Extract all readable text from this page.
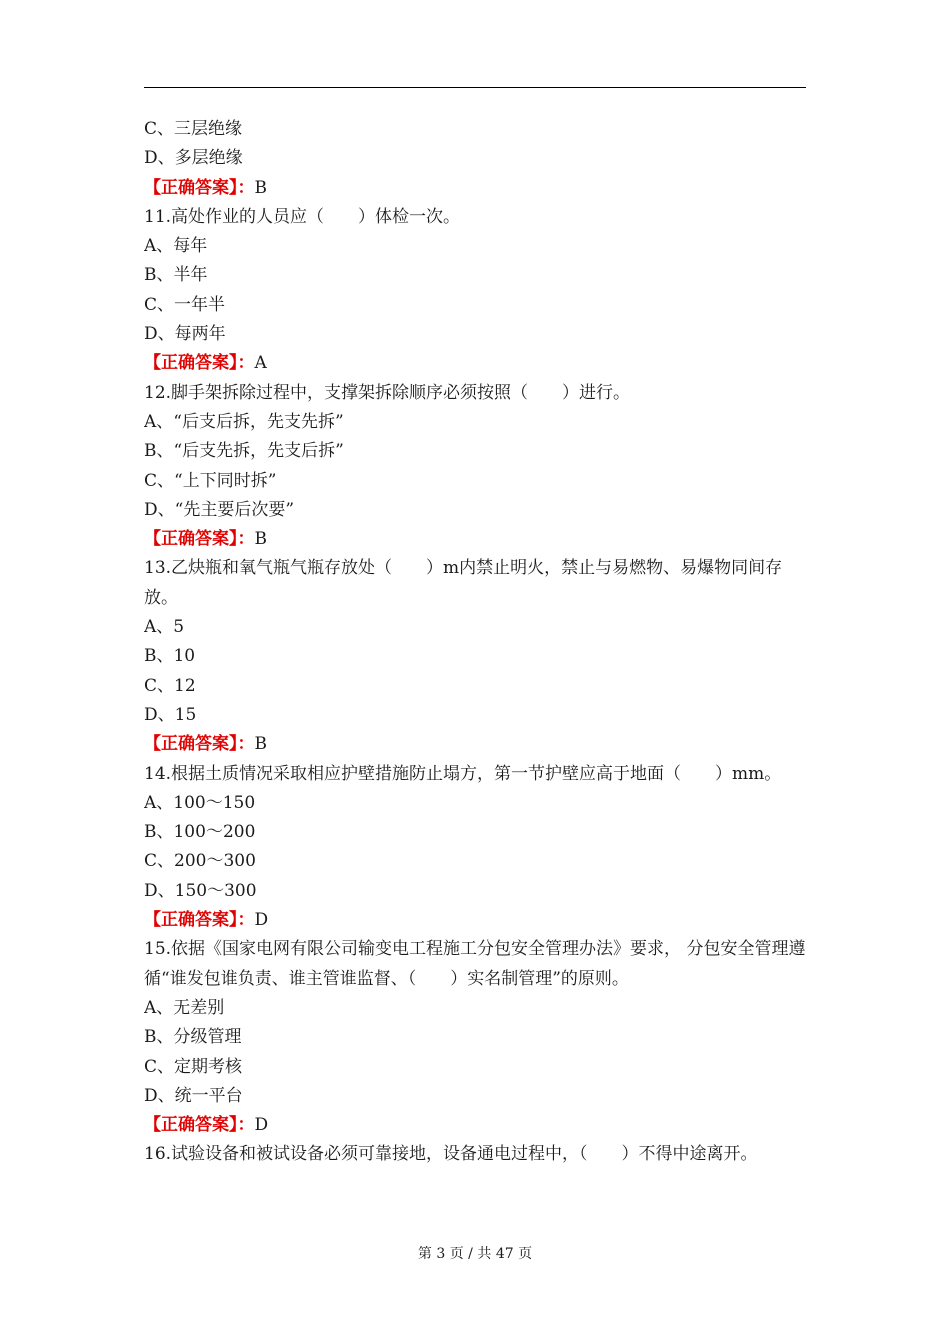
C、三层绝缘
D、多层绝缘
【正确答案】：B
11.高处作业的人员应（　　）体检一次。
A、每年
B、半年
C、一年半
D、每两年
【正确答案】：A
12.脚手架拆除过程中，支撑架拆除顺序必须按照（　　）进行。
A、“后支后拆，先支先拆”
B、“后支先拆，先支后拆”
C、“上下同时拆”
D、“先主要后次要”
【正确答案】：B
13.乙炔瓶和氧气瓶气瓶存放处（　　）m内禁止明火，禁止与易燃物、易爆物同间存放。
A、5
B、10
C、12
D、15
【正确答案】：B
14.根据土质情况采取相应护壁措施防止塌方，第一节护壁应高于地面（　　）mm。
A、100～150
B、100～200
C、200～300
D、150～300
【正确答案】：D
15.依据《国家电网有限公司输变电工程施工分包安全管理办法》要求， 分包安全管理遵循“谁发包谁负责、谁主管谁监督、（　　）实名制管理”的原则。
A、无差别
B、分级管理
C、定期考核
D、统一平台
【正确答案】：D
16.试验设备和被试设备必须可靠接地，设备通电过程中，（　　）不得中途离开。
第 3 页 / 共 47 页
